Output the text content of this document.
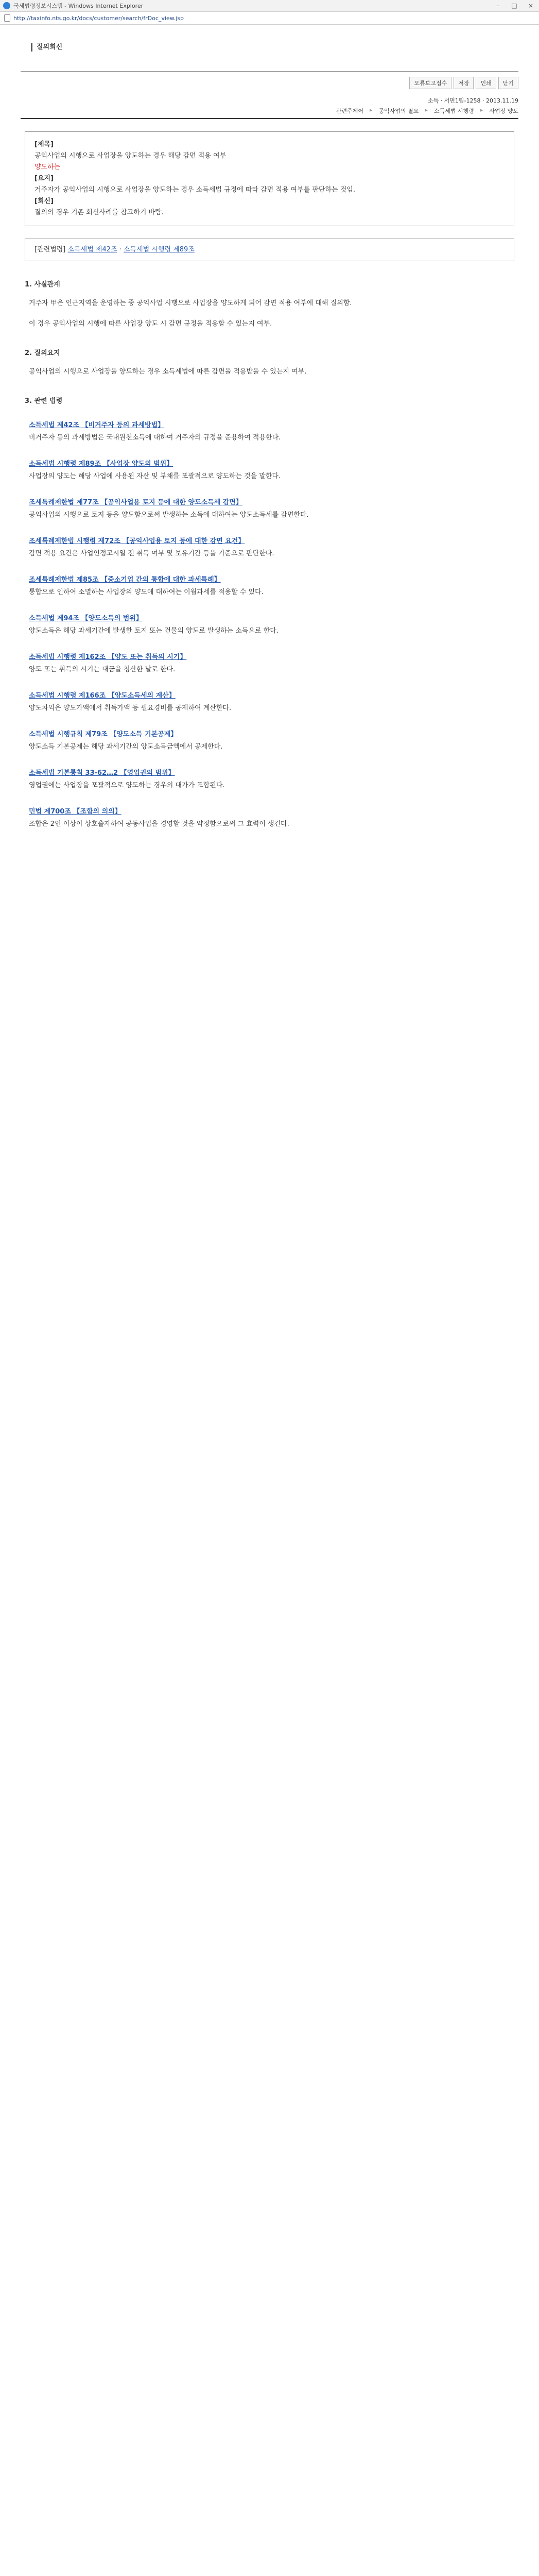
국세법령정보시스템 - Windows Internet Explorer	–	□	×
http://taxinfo.nts.go.kr/docs/customer/search/frDoc_view.jsp
질의회신
오류보고접수	저장	인쇄	닫기
소득 · 서면1팀-1258 · 2013.11.19
관련주제어 ▸ 공익사업의 필요 ▸ 소득세법 시행령 ▸ 사업장 양도

[제목]

공익사업의 시행으로 사업장을 양도하는 경우 해당 감면 적용 여부

양도하는

[요지]

거주자가 공익사업의 시행으로 사업장을 양도하는 경우 소득세법 규정에 따라 감면 적용 여부를 판단하는 것임.

[회신]

질의의 경우 기존 회신사례를 참고하기 바람.

[관련법령] 소득세법 제42조 · 소득세법 시행령 제89조
1. 사실관계
거주자 甲은 인근지역을 운영하는 중 공익사업 시행으로 사업장을 양도하게 되어 감면 적용 여부에 대해 질의함.
이 경우 공익사업의 시행에 따른 사업장 양도 시 감면 규정을 적용할 수 있는지 여부.
2. 질의요지
공익사업의 시행으로 사업장을 양도하는 경우 소득세법에 따른 감면을 적용받을 수 있는지 여부.
3. 관련 법령
소득세법 제42조 【비거주자 등의 과세방법】

비거주자 등의 과세방법은 국내원천소득에 대하여 거주자의 규정을 준용하여 적용한다.

소득세법 시행령 제89조 【사업장 양도의 범위】

사업장의 양도는 해당 사업에 사용된 자산 및 부채를 포괄적으로 양도하는 것을 말한다.

조세특례제한법 제77조 【공익사업용 토지 등에 대한 양도소득세 감면】

공익사업의 시행으로 토지 등을 양도함으로써 발생하는 소득에 대하여는 양도소득세를 감면한다.

조세특례제한법 시행령 제72조 【공익사업용 토지 등에 대한 감면 요건】

감면 적용 요건은 사업인정고시일 전 취득 여부 및 보유기간 등을 기준으로 판단한다.

조세특례제한법 제85조 【중소기업 간의 통합에 대한 과세특례】

통합으로 인하여 소멸하는 사업장의 양도에 대하여는 이월과세를 적용할 수 있다.

소득세법 제94조 【양도소득의 범위】

양도소득은 해당 과세기간에 발생한 토지 또는 건물의 양도로 발생하는 소득으로 한다.

소득세법 시행령 제162조 【양도 또는 취득의 시기】

양도 또는 취득의 시기는 대금을 청산한 날로 한다.

소득세법 시행령 제166조 【양도소득세의 계산】

양도차익은 양도가액에서 취득가액 등 필요경비를 공제하여 계산한다.

소득세법 시행규칙 제79조 【양도소득 기본공제】

양도소득 기본공제는 해당 과세기간의 양도소득금액에서 공제한다.

소득세법 기본통칙 33-62…2 【영업권의 범위】

영업권에는 사업장을 포괄적으로 양도하는 경우의 대가가 포함된다.

민법 제700조 【조합의 의의】

조합은 2인 이상이 상호출자하여 공동사업을 경영할 것을 약정함으로써 그 효력이 생긴다.
